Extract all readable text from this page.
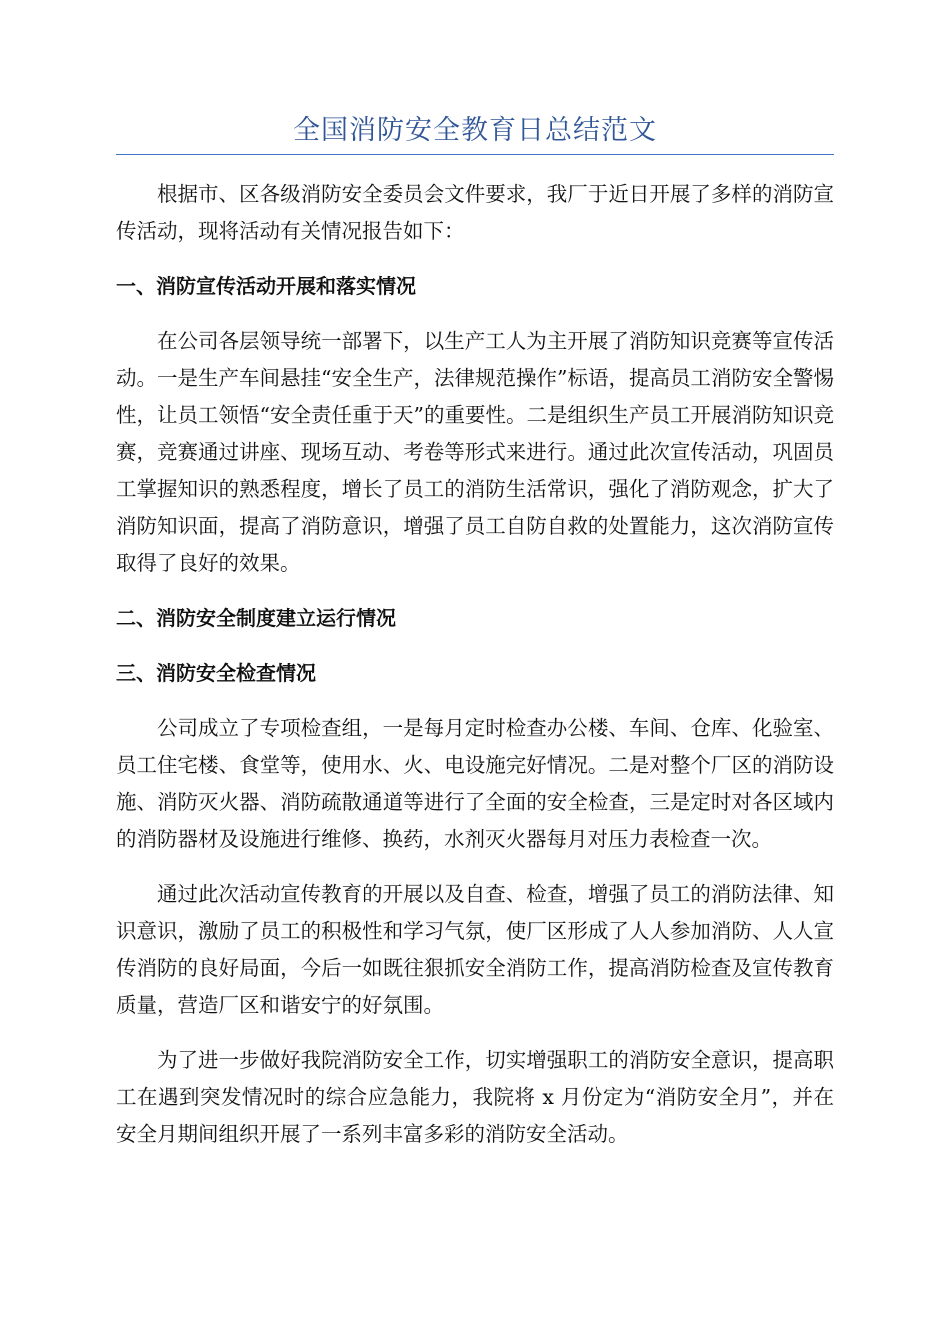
全国消防安全教育日总结范文

根据市、区各级消防安全委员会文件要求，我厂于近日开展了多样的消防宣传活动，现将活动有关情况报告如下：

一、消防宣传活动开展和落实情况

在公司各层领导统一部署下，以生产工人为主开展了消防知识竞赛等宣传活动。一是生产车间悬挂“安全生产，法律规范操作”标语，提高员工消防安全警惕性，让员工领悟“安全责任重于天”的重要性。二是组织生产员工开展消防知识竞赛，竞赛通过讲座、现场互动、考卷等形式来进行。通过此次宣传活动，巩固员工掌握知识的熟悉程度，增长了员工的消防生活常识，强化了消防观念，扩大了消防知识面，提高了消防意识，增强了员工自防自救的处置能力，这次消防宣传取得了良好的效果。

二、消防安全制度建立运行情况

三、消防安全检查情况

公司成立了专项检查组，一是每月定时检查办公楼、车间、仓库、化验室、员工住宅楼、食堂等，使用水、火、电设施完好情况。二是对整个厂区的消防设施、消防灭火器、消防疏散通道等进行了全面的安全检查，三是定时对各区域内的消防器材及设施进行维修、换药，水剂灭火器每月对压力表检查一次。

通过此次活动宣传教育的开展以及自查、检查，增强了员工的消防法律、知识意识，激励了员工的积极性和学习气氛，使厂区形成了人人参加消防、人人宣传消防的良好局面，今后一如既往狠抓安全消防工作，提高消防检查及宣传教育质量，营造厂区和谐安宁的好氛围。

为了进一步做好我院消防安全工作，切实增强职工的消防安全意识，提高职工在遇到突发情况时的综合应急能力，我院将 x 月份定为“消防安全月”，并在安全月期间组织开展了一系列丰富多彩的消防安全活动。
